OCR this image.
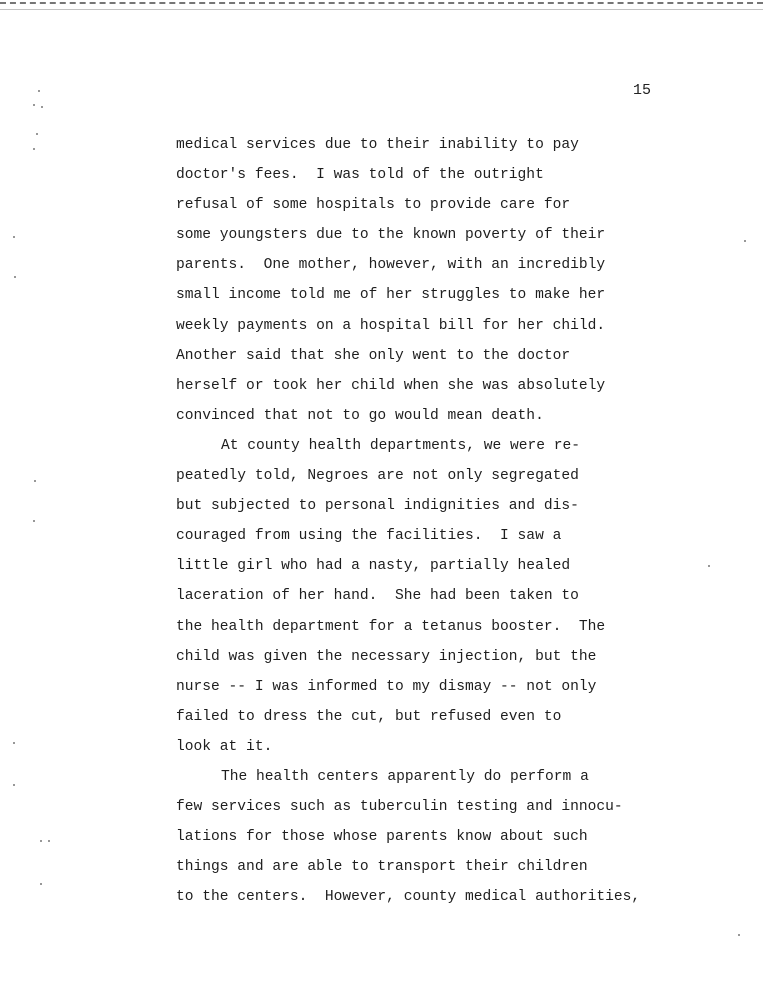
15
medical services due to their inability to pay
doctor's fees.  I was told of the outright
refusal of some hospitals to provide care for
some youngsters due to the known poverty of their
parents.  One mother, however, with an incredibly
small income told me of her struggles to make her
weekly payments on a hospital bill for her child.
Another said that she only went to the doctor
herself or took her child when she was absolutely
convinced that not to go would mean death.
At county health departments, we were re-
peatedly told, Negroes are not only segregated
but subjected to personal indignities and dis-
couraged from using the facilities.  I saw a
little girl who had a nasty, partially healed
laceration of her hand.  She had been taken to
the health department for a tetanus booster.  The
child was given the necessary injection, but the
nurse -- I was informed to my dismay -- not only
failed to dress the cut, but refused even to
look at it.
The health centers apparently do perform a
few services such as tuberculin testing and innocu-
lations for those whose parents know about such
things and are able to transport their children
to the centers.  However, county medical authorities,
